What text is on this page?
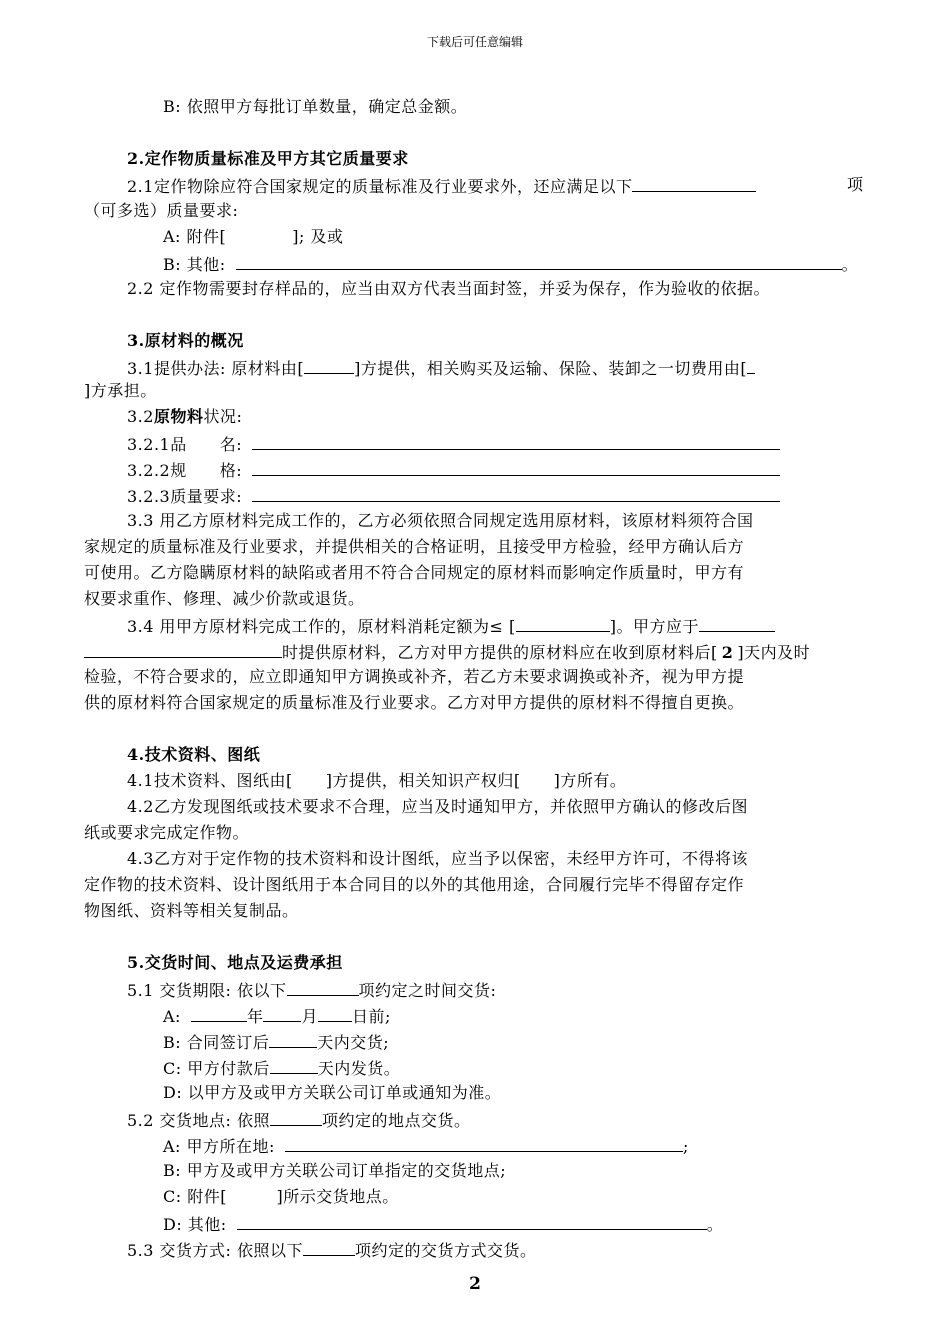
下载后可任意编辑
B: 依照甲方每批订单数量，确定总金额。
2.定作物质量标准及甲方其它质量要求
2.1定作物除应符合国家规定的质量标准及行业要求外，还应满足以下	项
（可多选）质量要求:
A: 附件[　　　　]; 及或
B: 其他:	。
2.2 定作物需要封存样品的，应当由双方代表当面封签，并妥为保存，作为验收的依据。
3.原材料的概况
3.1提供办法: 原材料由[	]方提供，相关购买及运输、保险、装卸之一切费用由[
]方承担。
3.2原物料状况:
3.2.1品　　名:
3.2.2规　　格:
3.2.3质量要求:
3.3 用乙方原材料完成工作的，乙方必须依照合同规定选用原材料，该原材料须符合国
家规定的质量标准及行业要求，并提供相关的合格证明，且接受甲方检验，经甲方确认后方
可使用。乙方隐瞒原材料的缺陷或者用不符合合同规定的原材料而影响定作质量时，甲方有
权要求重作、修理、减少价款或退货。
3.4 用甲方原材料完成工作的，原材料消耗定额为≤ [	]。甲方应于
时提供原材料，乙方对甲方提供的原材料应在收到原材料后[ 2 ]天内及时
检验，不符合要求的，应立即通知甲方调换或补齐，若乙方未要求调换或补齐，视为甲方提
供的原材料符合国家规定的质量标准及行业要求。乙方对甲方提供的原材料不得擅自更换。
4.技术资料、图纸
4.1技术资料、图纸由[　　]方提供，相关知识产权归[　　]方所有。
4.2乙方发现图纸或技术要求不合理，应当及时通知甲方，并依照甲方确认的修改后图
纸或要求完成定作物。
4.3乙方对于定作物的技术资料和设计图纸，应当予以保密，未经甲方许可，不得将该
定作物的技术资料、设计图纸用于本合同目的以外的其他用途，合同履行完毕不得留存定作
物图纸、资料等相关复制品。
5.交货时间、地点及运费承担
5.1 交货期限: 依以下	项约定之时间交货:
A:	年 月 日前;
B: 合同签订后	天内交货;
C: 甲方付款后	天内发货。
D: 以甲方及或甲方关联公司订单或通知为准。
5.2 交货地点: 依照	项约定的地点交货。
A: 甲方所在地:	;
B: 甲方及或甲方关联公司订单指定的交货地点;
C: 附件[　　　]所示交货地点。
D: 其他:	。
5.3 交货方式: 依照以下	项约定的交货方式交货。
2
